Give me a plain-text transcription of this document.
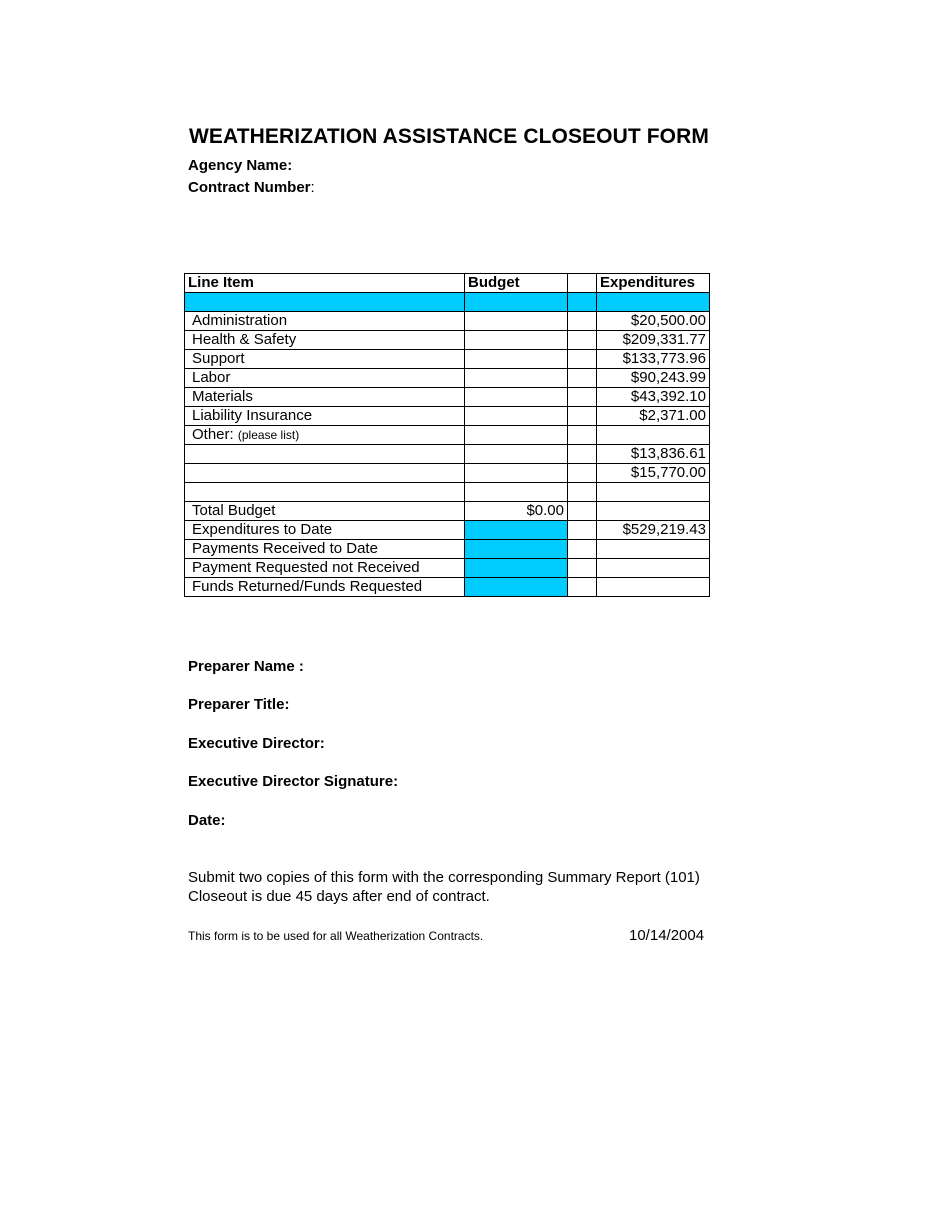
WEATHERIZATION ASSISTANCE CLOSEOUT FORM
Agency Name:
Contract Number:
Line Item	Budget		Expenditures

Administration			$20,500.00
Health & Safety			$209,331.77
Support			$133,773.96
Labor			$90,243.99
Materials			$43,392.10
Liability Insurance			$2,371.00
Other: (please list)			
			$13,836.61
			$15,770.00

Total Budget	$0.00		
Expenditures to Date			$529,219.43
Payments Received to Date			
Payment Requested not Received			
Funds Returned/Funds Requested			
Preparer Name :
Preparer Title:
Executive Director:
Executive Director Signature:
Date:
Submit two copies of this form with the corresponding Summary Report (101)
Closeout is due 45 days after end of contract.
This form is to be used for all Weatherization Contracts.	10/14/2004
